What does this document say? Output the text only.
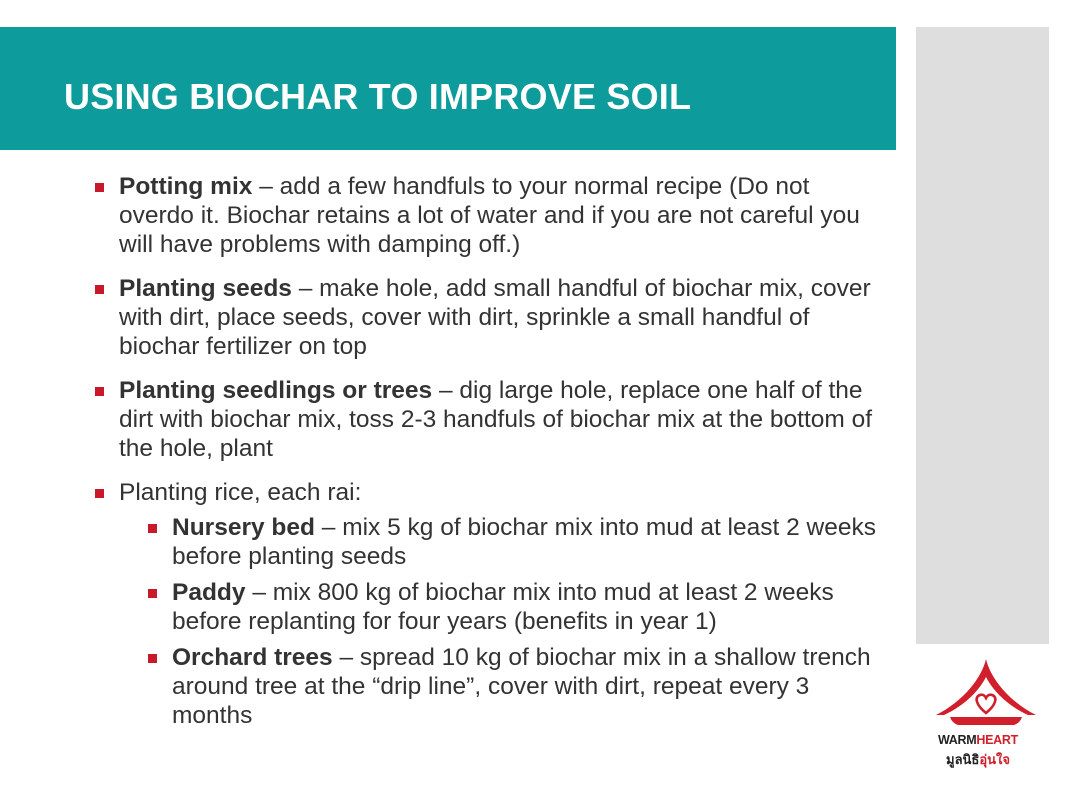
USING BIOCHAR TO IMPROVE SOIL
Potting mix – add a few handfuls to your normal recipe (Do not overdo it. Biochar retains a lot of water and if you are not careful you will have problems with damping off.)
Planting seeds – make hole, add small handful of biochar mix, cover with dirt, place seeds, cover with dirt, sprinkle a small handful of biochar fertilizer on top
Planting seedlings or trees – dig large hole, replace one half of the dirt with biochar mix, toss 2-3 handfuls of biochar mix at the bottom of the hole, plant
Planting rice, each rai:
Nursery bed – mix 5 kg of biochar mix into mud at least 2 weeks before planting seeds
Paddy – mix 800 kg of biochar mix into mud at least 2 weeks before replanting for four years (benefits in year 1)
Orchard trees – spread 10 kg of biochar mix in a shallow trench around tree at the “drip line”, cover with dirt, repeat every 3 months
WARMHEART
มูลนิธิอุ่นใจ
